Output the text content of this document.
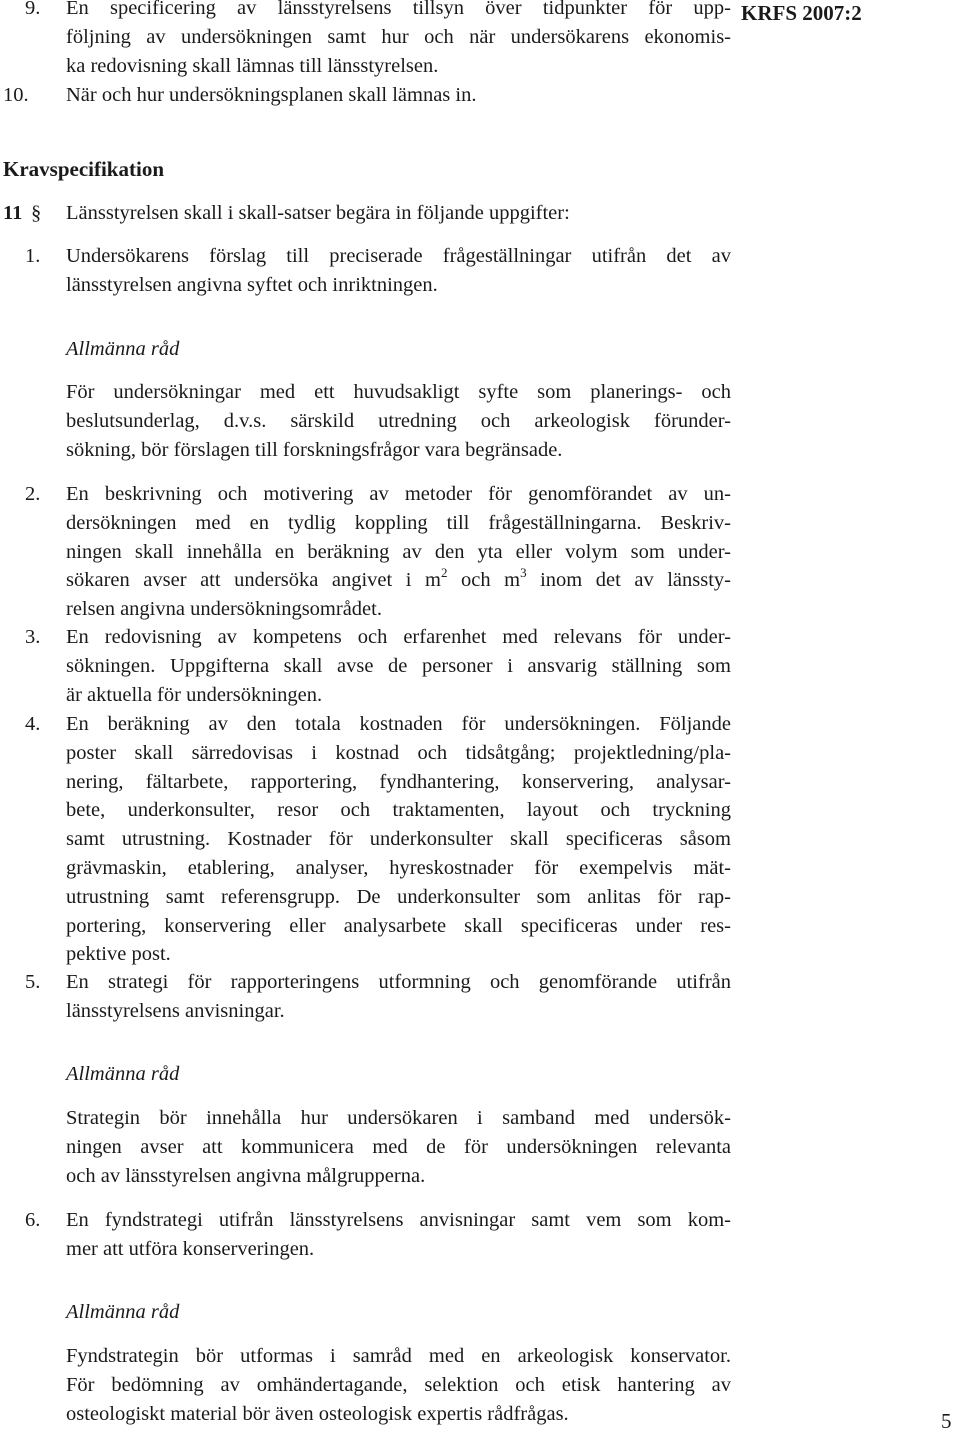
KRFS 2007:2
9.	En specificering av länsstyrelsens tillsyn över tidpunkter för upp-
följning av undersökningen samt hur och när undersökarens ekonomis-
ka redovisning skall lämnas till länsstyrelsen.
10.	När och hur undersökningsplanen skall lämnas in.
Kravspecifikation
11 § Länsstyrelsen skall i skall-satser begära in följande uppgifter:
1.	Undersökarens förslag till preciserade frågeställningar utifrån det av
länsstyrelsen angivna syftet och inriktningen.
Allmänna råd
För undersökningar med ett huvudsakligt syfte som planerings- och
beslutsunderlag, d.v.s. särskild utredning och arkeologisk förunder-
sökning, bör förslagen till forskningsfrågor vara begränsade.
2.	En beskrivning och motivering av metoder för genomförandet av un-
dersökningen med en tydlig koppling till frågeställningarna. Beskriv-
ningen skall innehålla en beräkning av den yta eller volym som under-
sökaren avser att undersöka angivet i $m^2$ och $m^3$ inom det av länssty-
relsen angivna undersökningsområdet.
3.	En redovisning av kompetens och erfarenhet med relevans för under-
sökningen. Uppgifterna skall avse de personer i ansvarig ställning som
är aktuella för undersökningen.
4.	En beräkning av den totala kostnaden för undersökningen. Följande
poster skall särredovisas i kostnad och tidsåtgång; projektledning/pla-
nering, fältarbete, rapportering, fyndhantering, konservering, analysar-
bete, underkonsulter, resor och traktamenten, layout och tryckning
samt utrustning. Kostnader för underkonsulter skall specificeras såsom
grävmaskin, etablering, analyser, hyreskostnader för exempelvis mät-
utrustning samt referensgrupp. De underkonsulter som anlitas för rap-
portering, konservering eller analysarbete skall specificeras under res-
pektive post.
5.	En strategi för rapporteringens utformning och genomförande utifrån
länsstyrelsens anvisningar.
Allmänna råd
Strategin bör innehålla hur undersökaren i samband med undersök-
ningen avser att kommunicera med de för undersökningen relevanta
och av länsstyrelsen angivna målgrupperna.
6.	En fyndstrategi utifrån länsstyrelsens anvisningar samt vem som kom-
mer att utföra konserveringen.
Allmänna råd
Fyndstrategin bör utformas i samråd med en arkeologisk konservator.
För bedömning av omhändertagande, selektion och etisk hantering av
osteologiskt material bör även osteologisk expertis rådfrågas.	5
